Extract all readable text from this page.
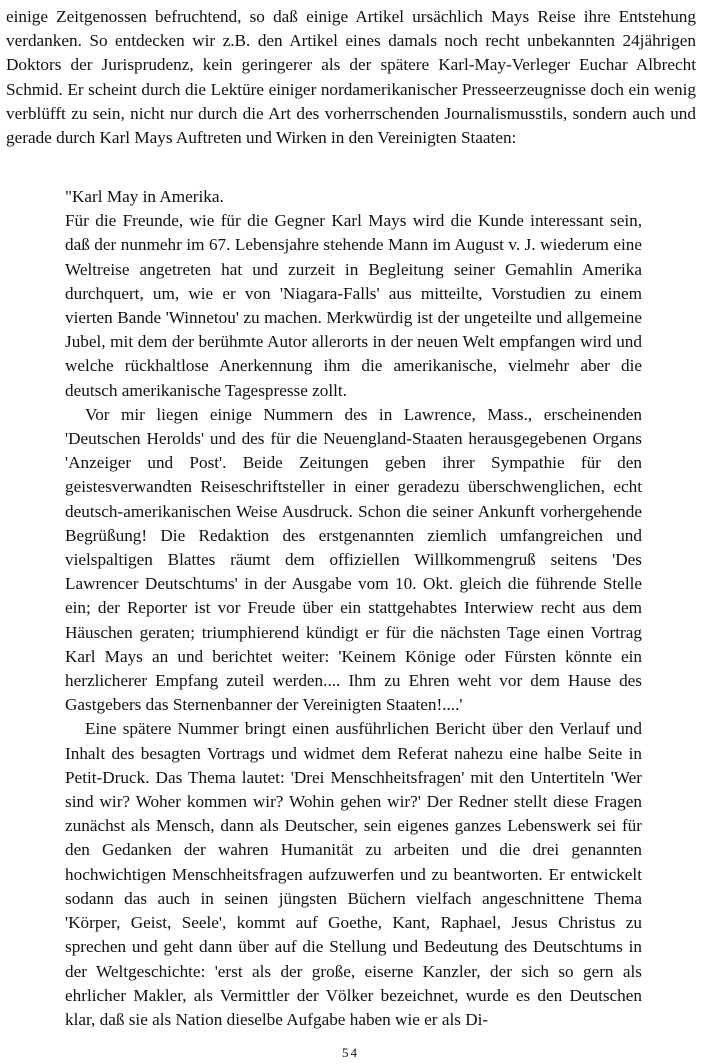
einige Zeitgenossen befruchtend, so daß einige Artikel ursächlich Mays Reise ihre Entstehung verdanken. So entdecken wir z.B. den Artikel eines damals noch recht unbekannten 24jährigen Doktors der Jurisprudenz, kein geringerer als der spätere Karl-May-Verleger Euchar Albrecht Schmid. Er scheint durch die Lektüre einiger nordamerikanischer Presseerzeugnisse doch ein wenig verblüfft zu sein, nicht nur durch die Art des vorherrschenden Journalismusstils, sondern auch und gerade durch Karl Mays Auftreten und Wirken in den Vereinigten Staaten:

"Karl May in Amerika.

Für die Freunde, wie für die Gegner Karl Mays wird die Kunde interessant sein, daß der nunmehr im 67. Lebensjahre stehende Mann im August v. J. wiederum eine Weltreise angetreten hat und zurzeit in Begleitung seiner Gemahlin Amerika durchquert, um, wie er von 'Niagara-Falls' aus mitteilte, Vorstudien zu einem vierten Bande 'Winnetou' zu machen. Merkwürdig ist der ungeteilte und allgemeine Jubel, mit dem der berühmte Autor allerorts in der neuen Welt empfangen wird und welche rückhaltlose Anerkennung ihm die amerikanische, vielmehr aber die deutsch amerikanische Tagespresse zollt.

Vor mir liegen einige Nummern des in Lawrence, Mass., erscheinenden 'Deutschen Herolds' und des für die Neuengland-Staaten herausgegebenen Organs 'Anzeiger und Post'. Beide Zeitungen geben ihrer Sympathie für den geistesverwandten Reiseschriftsteller in einer geradezu überschwenglichen, echt deutsch-amerikanischen Weise Ausdruck. Schon die seiner Ankunft vorhergehende Begrüßung! Die Redaktion des erstgenannten ziemlich umfangreichen und vielspaltigen Blattes räumt dem offiziellen Willkommengruß seitens 'Des Lawrencer Deutschtums' in der Ausgabe vom 10. Okt. gleich die führende Stelle ein; der Reporter ist vor Freude über ein stattgehabtes Interwiew recht aus dem Häuschen geraten; triumphierend kündigt er für die nächsten Tage einen Vortrag Karl Mays an und berichtet weiter: 'Keinem Könige oder Fürsten könnte ein herzlicherer Empfang zuteil werden.... Ihm zu Ehren weht vor dem Hause des Gastgebers das Sternenbanner der Vereinigten Staaten!....'

Eine spätere Nummer bringt einen ausführlichen Bericht über den Verlauf und Inhalt des besagten Vortrags und widmet dem Referat nahezu eine halbe Seite in Petit-Druck. Das Thema lautet: 'Drei Menschheitsfragen' mit den Untertiteln 'Wer sind wir? Woher kommen wir? Wohin gehen wir?' Der Redner stellt diese Fragen zunächst als Mensch, dann als Deutscher, sein eigenes ganzes Lebenswerk sei für den Gedanken der wahren Humanität zu arbeiten und die drei genannten hochwichtigen Menschheitsfragen aufzuwerfen und zu beantworten. Er entwickelt sodann das auch in seinen jüngsten Büchern vielfach angeschnittene Thema 'Körper, Geist, Seele', kommt auf Goethe, Kant, Raphael, Jesus Christus zu sprechen und geht dann über auf die Stellung und Bedeutung des Deutschtums in der Weltgeschichte: 'erst als der große, eiserne Kanzler, der sich so gern als ehrlicher Makler, als Vermittler der Völker bezeichnet, wurde es den Deutschen klar, daß sie als Nation dieselbe Aufgabe haben wie er als Di-

54
